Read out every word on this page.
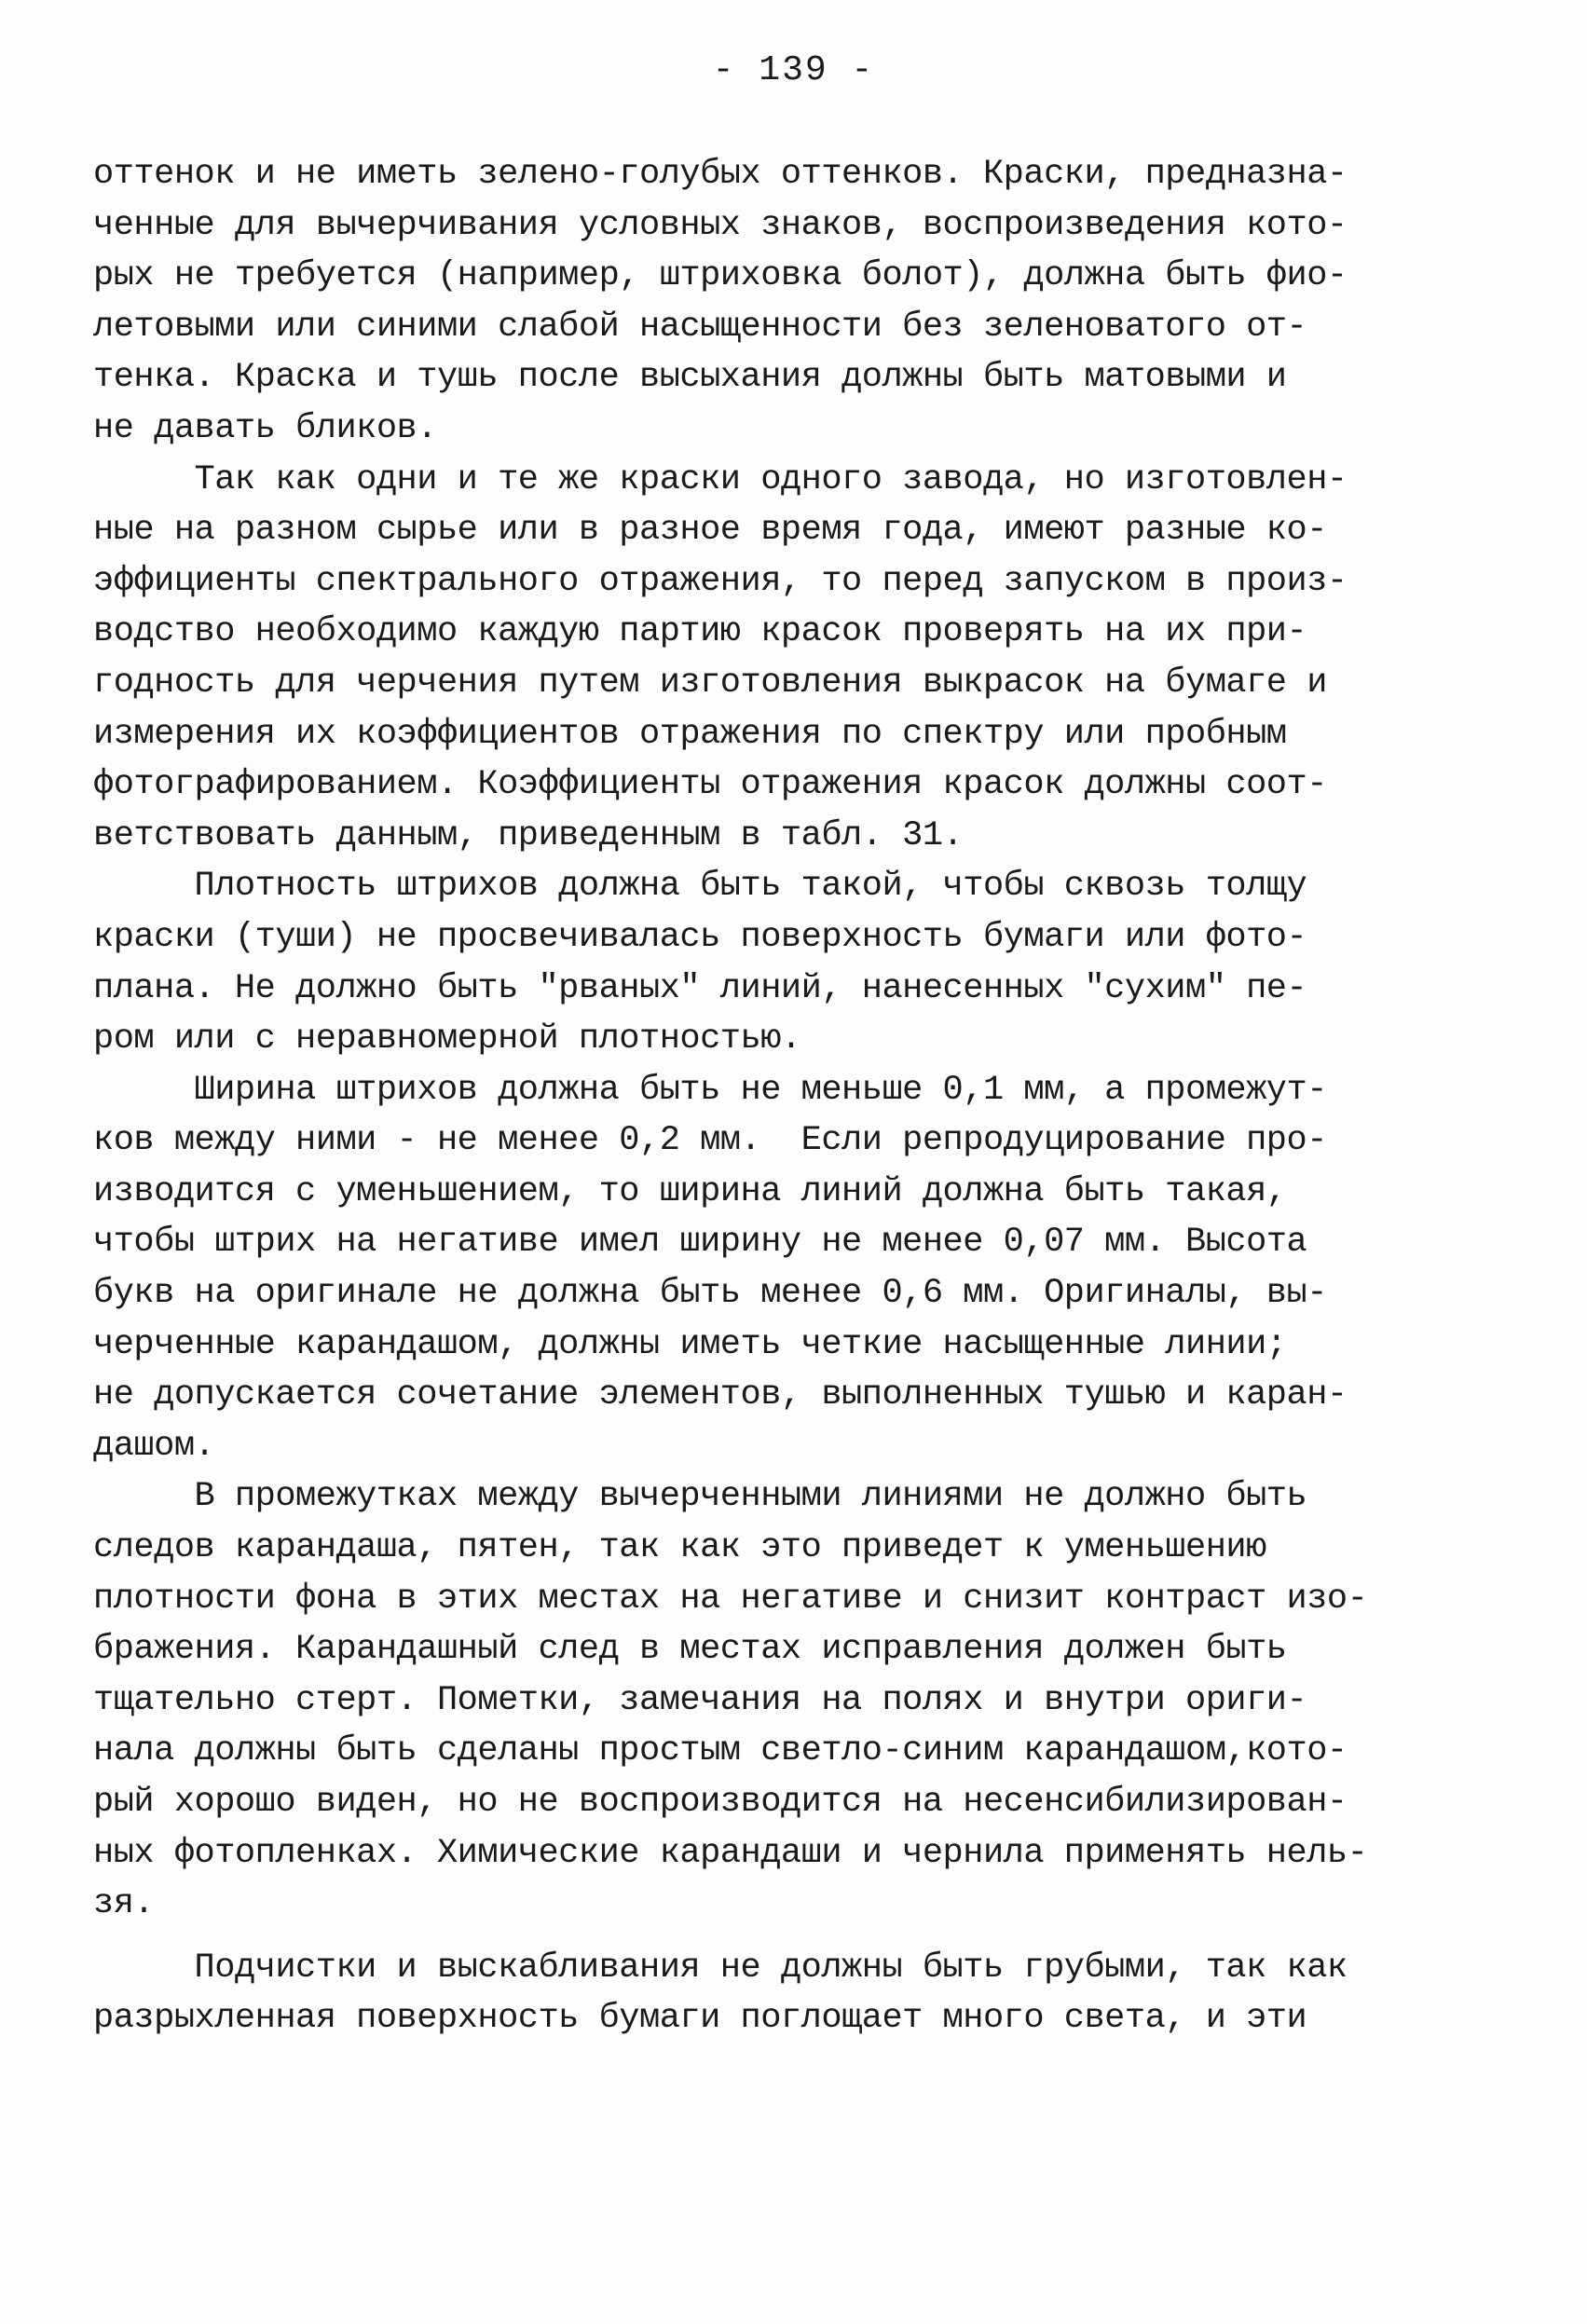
- 139 -
оттенок и не иметь зелено-голубых оттенков. Краски, предназна-
ченные для вычерчивания условных знаков, воспроизведения кото-
рых не требуется (например, штриховка болот), должна быть фио-
летовыми или синими слабой насыщенности без зеленоватого от-
тенка. Краска и тушь после высыхания должны быть матовыми и
не давать бликов.
Так как одни и те же краски одного завода, но изготовлен-
ные на разном сырье или в разное время года, имеют разные ко-
эффициенты спектрального отражения, то перед запуском в произ-
водство необходимо каждую партию красок проверять на их при-
годность для черчения путем изготовления выкрасок на бумаге и
измерения их коэффициентов отражения по спектру или пробным
фотографированием. Коэффициенты отражения красок должны соот-
ветствовать данным, приведенным в табл. 31.
Плотность штрихов должна быть такой, чтобы сквозь толщу
краски (туши) не просвечивалась поверхность бумаги или фото-
плана. Не должно быть "рваных" линий, нанесенных "сухим" пе-
ром или с неравномерной плотностью.
Ширина штрихов должна быть не меньше 0,1 мм, а промежут-
ков между ними - не менее 0,2 мм.  Если репродуцирование про-
изводится с уменьшением, то ширина линий должна быть такая,
чтобы штрих на негативе имел ширину не менее 0,07 мм. Высота
букв на оригинале не должна быть менее 0,6 мм. Оригиналы, вы-
черченные карандашом, должны иметь четкие насыщенные линии;
не допускается сочетание элементов, выполненных тушью и каран-
дашом.
В промежутках между вычерченными линиями не должно быть
следов карандаша, пятен, так как это приведет к уменьшению
плотности фона в этих местах на негативе и снизит контраст изо-
бражения. Карандашный след в местах исправления должен быть
тщательно стерт. Пометки, замечания на полях и внутри ориги-
нала должны быть сделаны простым светло-синим карандашом,кото-
рый хорошо виден, но не воспроизводится на несенсибилизирован-
ных фотопленках. Химические карандаши и чернила применять нель-
зя.
Подчистки и выскабливания не должны быть грубыми, так как
разрыхленная поверхность бумаги поглощает много света, и эти
